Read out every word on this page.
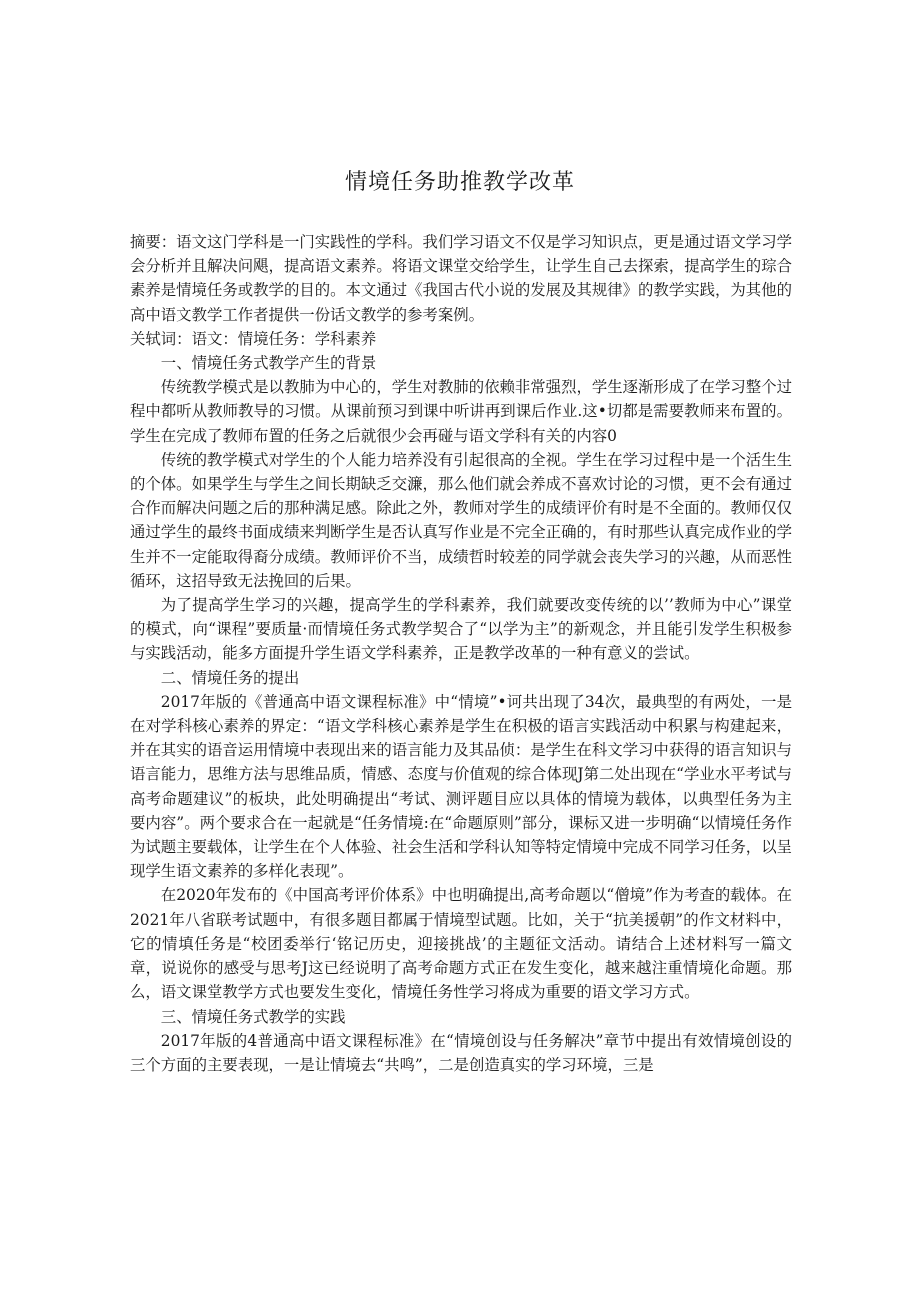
情境任务助推教学改革

摘要：语文这门学科是一门实践性的学科。我们学习语文不仅是学习知识点，更是通过语文学习学会分析并且解决问飓，提高语文素养。将语文课堂交给学生，让学生自己去探索，提高学生的琮合素养是情境任务或教学的目的。本文通过《我国古代小说的发展及其规律》的教学实践，为其他的高中语文教学工作者提供一份话文教学的参考案例。

关轼词：语文：情境任务：学科素养

一、情境任务式教学产生的背景

传统教学模式是以教肺为中心的，学生对教肺的依赖非常强烈，学生逐渐形成了在学习整个过程中都听从教师教导的习惯。从课前预习到课中听讲再到课后作业.这•切都是需要教师来布置的。学生在完成了教师布置的任务之后就很少会再碰与语文学科有关的内容0

传统的教学模式对学生的个人能力培养没有引起很高的全视。学生在学习过程中是一个活生生的个体。如果学生与学生之间长期缺乏交濂，那么他们就会养成不喜欢讨论的习惯，更不会有通过合作而解决问题之后的那种满足感。除此之外，教师对学生的成绩评价有时是不全面的。教师仅仅通过学生的最终书面成绩来判断学生是否认真写作业是不完全正确的，有时那些认真完成作业的学生并不一定能取得裔分成绩。教师评价不当，成绩哲时较差的同学就会丧失学习的兴趣，从而恶性循环，这招导致无法挽回的后果。

为了提高学生学习的兴趣，提高学生的学科素养，我们就要改变传统的以’’教师为中心”课堂的模式，向“课程”要质量·而情境任务式教学契合了“以学为主”的新观念，并且能引发学生积极参与实践活动，能多方面提升学生语文学科素养，正是教学改革的一种有意义的尝试。

二、情境任务的提出

2017年版的《普通高中语文课程标准》中“情境”•诃共出现了34次，最典型的有两处，一是在对学科核心素养的界定：“语文学科核心素养是学生在积极的语言实践活动中积累与构建起来，并在其实的语音运用情境中表现出来的语言能力及其品侦：是学生在科文学习中获得的语言知识与语言能力，思维方法与思维品质，情感、态度与价值观的综合体现J第二处出现在“学业水平考试与高考命题建议”的板块，此处明确提出“考试、测评题目应以具体的情境为载体，以典型任务为主要内容”。两个要求合在一起就是“任务情境:在“命题原则”部分，课标又进一步明确“以情境任务作为试题主要载体，让学生在个人体验、社会生活和学科认知等特定情境中完成不同学习任务，以呈现学生语文素养的多样化表现”。

在2020年发布的《中国高考评价体系》中也明确提出,高考命题以“僧境”作为考查的载体。在2021年八省联考试题中，有很多题目都属于情境型试题。比如，关于“抗美援朝”的作文材料中，它的情填任务是“校团委举行‘铭记历史，迎接挑战’的主题征文活动。请结合上述材料写一篇文章，说说你的感受与思考J这已经说明了高考命题方式正在发生变化，越来越注重情境化命题。那么，语文课堂教学方式也要发生变化，情境任务性学习将成为重要的语文学习方式。

三、情境任务式教学的实践

2017年版的4普通高中语文课程标准》在“情境创设与任务解决”章节中提出有效情境创设的三个方面的主要表现，一是让情境去“共鸣”，二是创造真实的学习环境，三是
